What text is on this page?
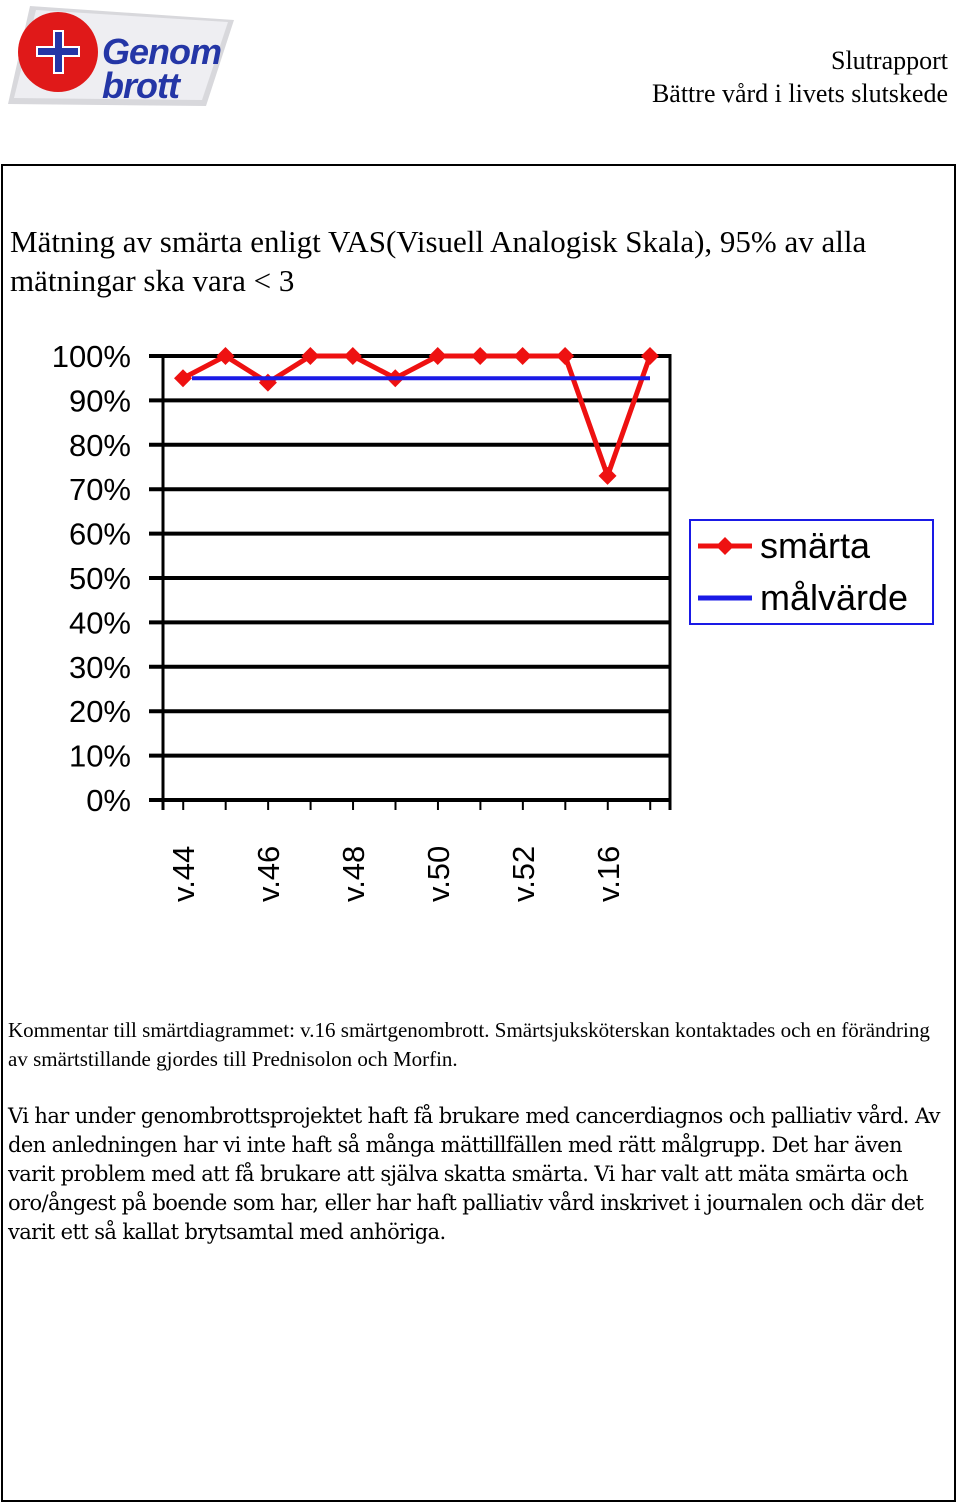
Genom
brott
Slutrapport
Bättre vård i livets slutskede
Mätning av smärta enligt VAS(Visuell Analogisk Skala), 95% av alla mätningar ska vara < 3
100%
90%
80%
70%
60%
50%
40%
30%
20%
10%
0%
v.44 v.46 v.48 v.50 v.52 v.16
smärta
målvärde
Kommentar till smärtdiagrammet: v.16 smärtgenombrott. Smärtsjuksköterskan kontaktades och en förändring av smärtstillande gjordes till Prednisolon och Morfin.
Vi har under genombrottsprojektet haft få brukare med cancerdiagnos och palliativ vård. Av den anledningen har vi inte haft så många mättillfällen med rätt målgrupp. Det har även varit problem med att få brukare att själva skatta smärta. Vi har valt att mäta smärta och oro/ångest på boende som har, eller har haft palliativ vård inskrivet i journalen och där det varit ett så kallat brytsamtal med anhöriga.
